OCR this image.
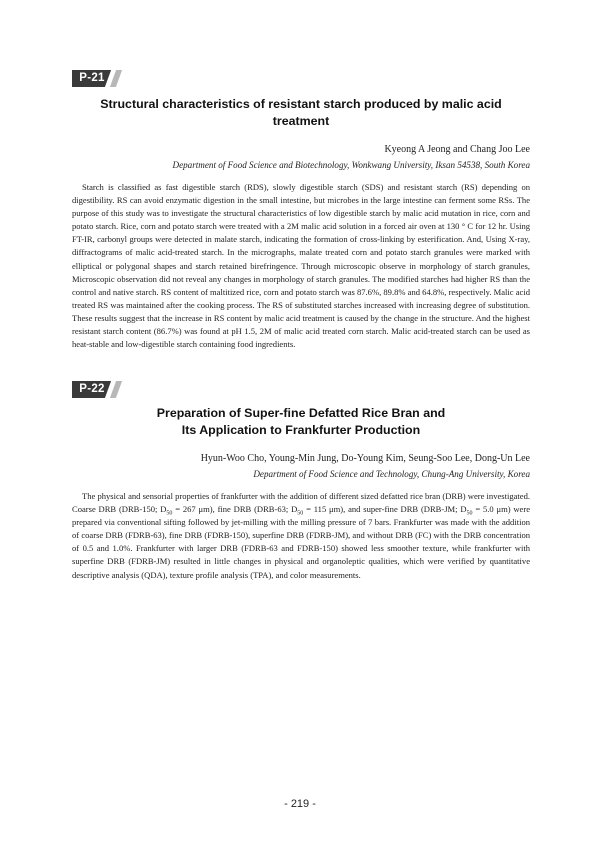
P-21
Structural characteristics of resistant starch produced by malic acid treatment

Kyeong A Jeong and Chang Joo Lee

Department of Food Science and Biotechnology, Wonkwang University, Iksan 54538, South Korea

Starch is classified as fast digestible starch (RDS), slowly digestible starch (SDS) and resistant starch (RS) depending on digestibility. RS can avoid enzymatic digestion in the small intestine, but microbes in the large intestine can ferment some RSs. The purpose of this study was to investigate the structural characteristics of low digestible starch by malic acid mutation in rice, corn and potato starch. Rice, corn and potato starch were treated with a 2M malic acid solution in a forced air oven at 130 ° C for 12 hr. Using FT-IR, carbonyl groups were detected in malate starch, indicating the formation of cross-linking by esterification. And, Using X-ray, diffractograms of malic acid-treated starch. In the micrographs, malate treated corn and potato starch granules were marked with elliptical or polygonal shapes and starch retained birefringence. Through microscopic observe in morphology of starch granules, Microscopic observation did not reveal any changes in morphology of starch granules. The modified starches had higher RS than the control and native starch. RS content of maltitized rice, corn and potato starch was 87.6%, 89.8% and 64.8%, respectively. Malic acid treated RS was maintained after the cooking process. The RS of substituted starches increased with increasing degree of substitution. These results suggest that the increase in RS content by malic acid treatment is caused by the change in the structure. And the highest resistant starch content (86.7%) was found at pH 1.5, 2M of malic acid treated corn starch. Malic acid-treated starch can be used as heat-stable and low-digestible starch containing food ingredients.

P-22
Preparation of Super-fine Defatted Rice Bran and
Its Application to Frankfurter Production

Hyun-Woo Cho, Young-Min Jung, Do-Young Kim, Seung-Soo Lee, Dong-Un Lee

Department of Food Science and Technology, Chung-Ang University, Korea

The physical and sensorial properties of frankfurter with the addition of different sized defatted rice bran (DRB) were investigated. Coarse DRB (DRB-150; $D_{50} = 267$ μm), fine DRB (DRB-63; $D_{50} = 115$ μm), and super-fine DRB (DRB-JM; $D_{50} = 5.0$ μm) were prepared via conventional sifting followed by jet-milling with the milling pressure of 7 bars. Frankfurter was made with the addition of coarse DRB (FDRB-63), fine DRB (FDRB-150), superfine DRB (FDRB-JM), and without DRB (FC) with the DRB concentration of 0.5 and 1.0%. Frankfurter with larger DRB (FDRB-63 and FDRB-150) showed less smoother texture, while frankfurter with superfine DRB (FDRB-JM) resulted in little changes in physical and organoleptic qualities, which were verified by quantitative descriptive analysis (QDA), texture profile analysis (TPA), and color measurements.

- 219 -
